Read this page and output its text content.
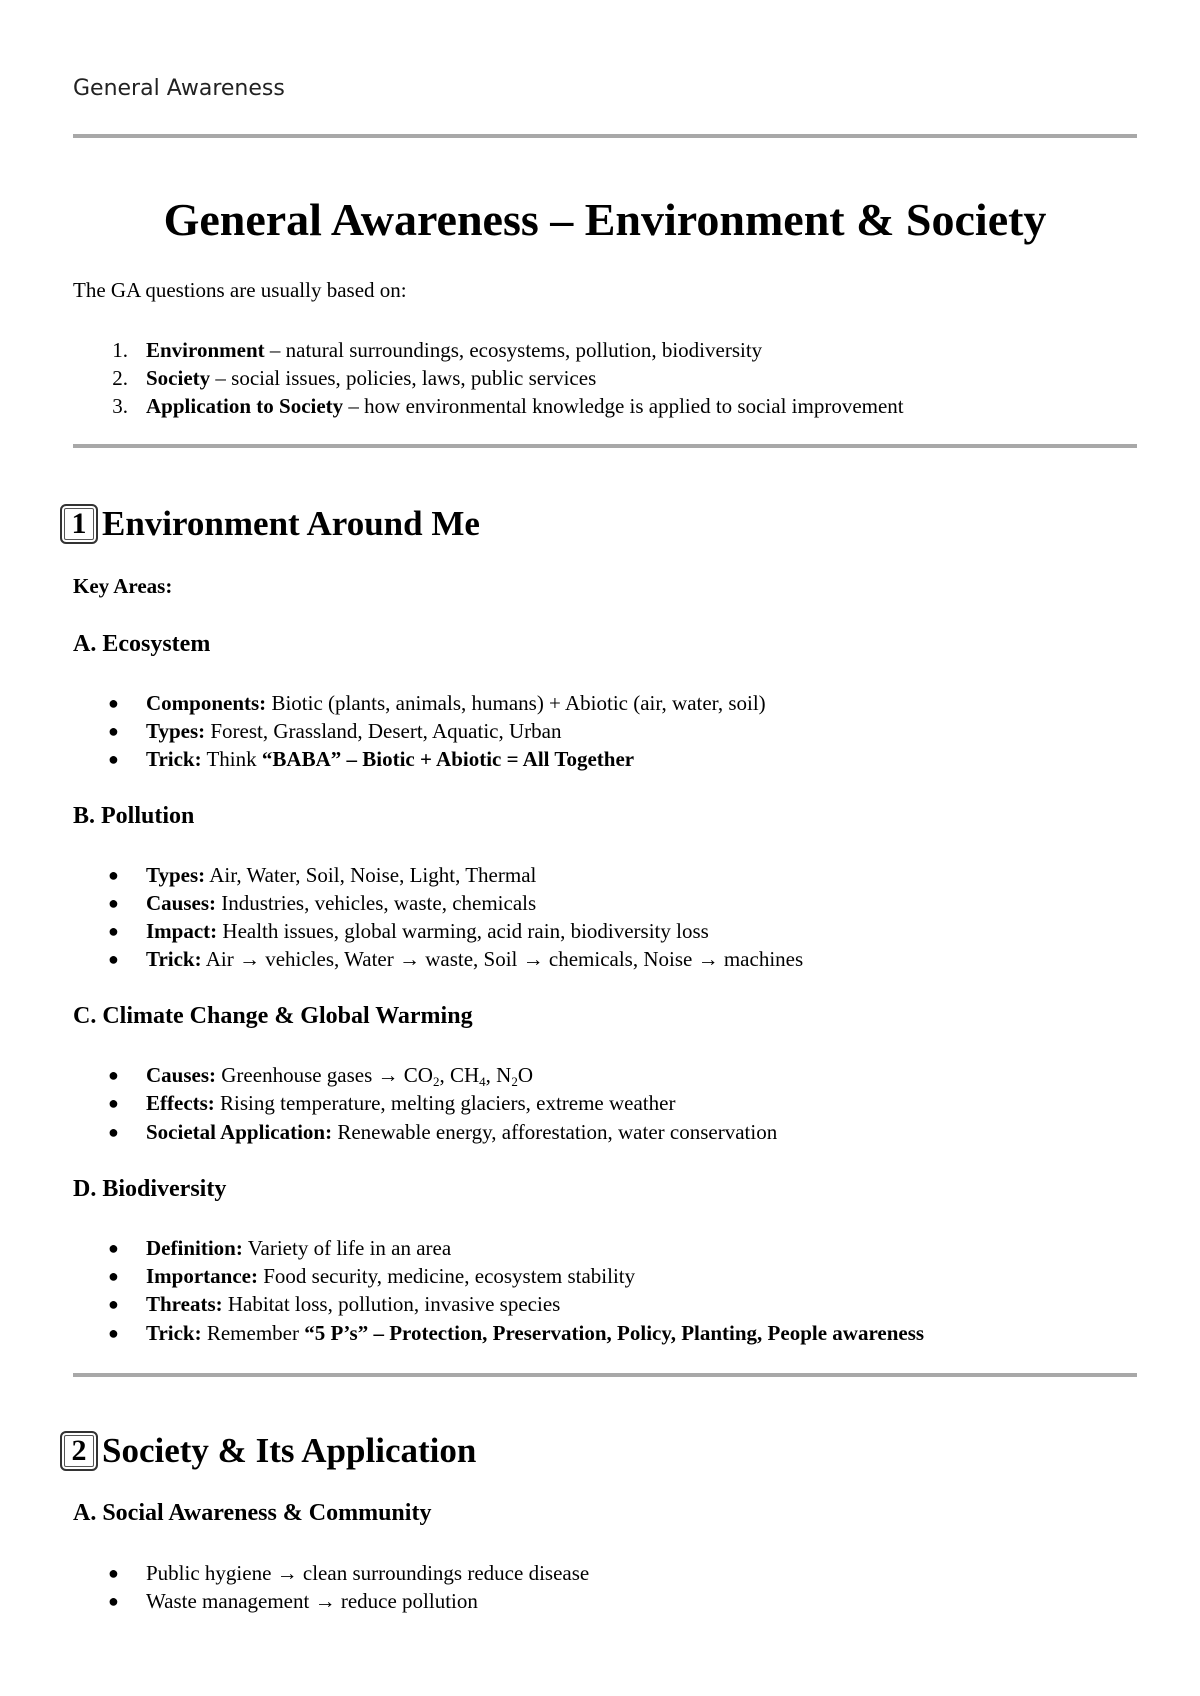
General Awareness
General Awareness – Environment & Society
The GA questions are usually based on:
1. Environment – natural surroundings, ecosystems, pollution, biodiversity
2. Society – social issues, policies, laws, public services
3. Application to Society – how environmental knowledge is applied to social improvement
1 Environment Around Me
Key Areas:
A. Ecosystem
● Components: Biotic (plants, animals, humans) + Abiotic (air, water, soil)
● Types: Forest, Grassland, Desert, Aquatic, Urban
● Trick: Think “BABA” – Biotic + Abiotic = All Together
B. Pollution
● Types: Air, Water, Soil, Noise, Light, Thermal
● Causes: Industries, vehicles, waste, chemicals
● Impact: Health issues, global warming, acid rain, biodiversity loss
● Trick: Air → vehicles, Water → waste, Soil → chemicals, Noise → machines
C. Climate Change & Global Warming
● Causes: Greenhouse gases → $CO_2$, $CH_4$, $N_2O$
● Effects: Rising temperature, melting glaciers, extreme weather
● Societal Application: Renewable energy, afforestation, water conservation
D. Biodiversity
● Definition: Variety of life in an area
● Importance: Food security, medicine, ecosystem stability
● Threats: Habitat loss, pollution, invasive species
● Trick: Remember “5 P’s” – Protection, Preservation, Policy, Planting, People awareness
2 Society & Its Application
A. Social Awareness & Community
● Public hygiene → clean surroundings reduce disease
● Waste management → reduce pollution
